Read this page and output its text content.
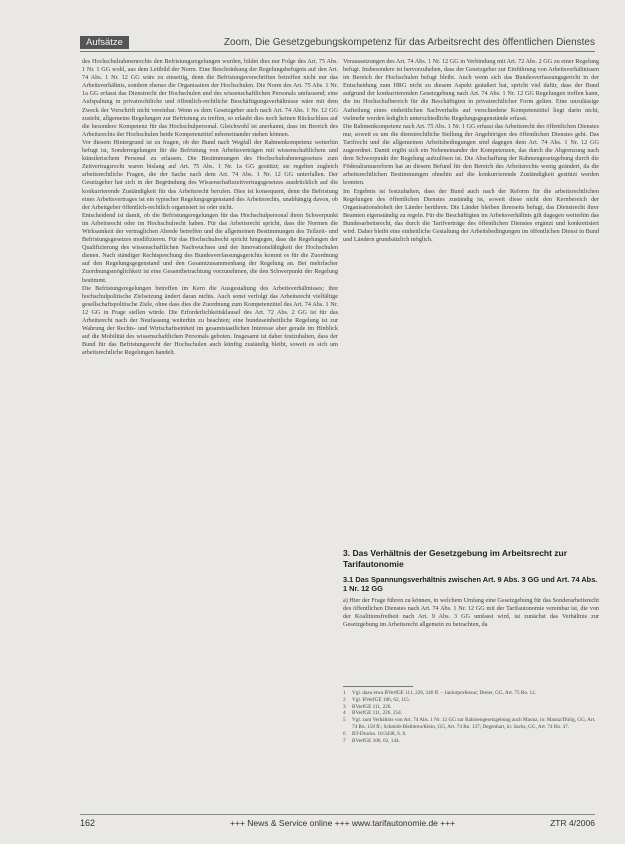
Aufsätze	Zoom, Die Gesetzgebungskompetenz für das Arbeitsrecht des öffentlichen Dienstes

des Hochschulrahmenrechts den Befristungsregelungen wurden, bildet dies nur Folge des Art. 75 Abs. 1 Nr. 1 GG wohl, aus dem Leitbild der Norm. Eine Beschränkung der Regelungsbefugnis auf den Art. 74 Abs. 1 Nr. 12 GG wäre zu einseitig, denn die Befristungsvorschriften betreffen nicht nur das Arbeitsverhältnis, sondern ebenso die Organisation der Hochschulen. Die Norm des Art. 75 Abs. 1 Nr. 1a GG erfasst das Dienstrecht der Hochschulen und des wissenschaftlichen Personals umfassend; eine Aufspaltung in privatrechtliche und öffentlich-rechtliche Beschäftigungsverhältnisse wäre mit dem Zweck der Vorschrift nicht vereinbar. Wenn es dem Gesetzgeber auch nach Art. 74 Abs. 1 Nr. 12 GG zusteht, allgemeine Regelungen zur Befristung zu treffen, so erlaubt dies noch keinen Rückschluss auf die besondere Kompetenz für das Hochschulpersonal. Gleichwohl ist anerkannt, dass im Bereich des Arbeitsrechts der Hochschulen beide Kompetenztitel nebeneinander stehen können.

Vor diesem Hintergrund ist zu fragen, ob der Bund nach Wegfall der Rahmenkompetenz weiterhin befugt ist, Sonderregelungen für die Befristung von Arbeitsverträgen mit wissenschaftlichem und künstlerischem Personal zu erlassen. Die Bestimmungen des Hochschulrahmengesetzes zum Zeitvertragsrecht waren bislang auf Art. 75 Abs. 1 Nr. 1a GG gestützt; sie regelten zugleich arbeitsrechtliche Fragen, die der Sache nach dem Art. 74 Abs. 1 Nr. 12 GG unterfallen. Der Gesetzgeber hat sich in der Begründung des Wissenschaftszeitvertragsgesetzes ausdrücklich auf die konkurrierende Zuständigkeit für das Arbeitsrecht berufen. Dies ist konsequent, denn die Befristung eines Arbeitsvertrages ist ein typischer Regelungsgegenstand des Arbeitsrechts, unabhängig davon, ob der Arbeitgeber öffentlich-rechtlich organisiert ist oder nicht.

Entscheidend ist damit, ob die Befristungsregelungen für das Hochschulpersonal ihren Schwerpunkt im Arbeitsrecht oder im Hochschulrecht haben. Für das Arbeitsrecht spricht, dass die Normen die Wirksamkeit der vertraglichen Abrede betreffen und die allgemeinen Bestimmungen des Teilzeit- und Befristungsgesetzes modifizieren. Für das Hochschulrecht spricht hingegen, dass die Regelungen der Qualifizierung des wissenschaftlichen Nachwuchses und der Innovationsfähigkeit der Hochschulen dienen. Nach ständiger Rechtsprechung des Bundesverfassungsgerichts kommt es für die Zuordnung auf den Regelungsgegenstand und den Gesamtzusammenhang der Regelung an. Bei mehrfacher Zuordnungsmöglichkeit ist eine Gesamtbetrachtung vorzunehmen, die den Schwerpunkt der Regelung bestimmt.

Die Befristungsregelungen betreffen im Kern die Ausgestaltung des Arbeitsverhältnisses; ihre hochschulpolitische Zielsetzung ändert daran nichts. Auch sonst verfolgt das Arbeitsrecht vielfältige gesellschaftspolitische Ziele, ohne dass dies die Zuordnung zum Kompetenztitel des Art. 74 Abs. 1 Nr. 12 GG in Frage stellen würde. Die Erforderlichkeitsklausel des Art. 72 Abs. 2 GG ist für das Arbeitsrecht nach der Neufassung weiterhin zu beachten; eine bundeseinheitliche Regelung ist zur Wahrung der Rechts- und Wirtschaftseinheit im gesamtstaatlichen Interesse aber gerade im Hinblick auf die Mobilität des wissenschaftlichen Personals geboten. Insgesamt ist daher festzuhalten, dass der Bund für das Befristungsrecht der Hochschulen auch künftig zuständig bleibt, soweit es sich um arbeitsrechtliche Regelungen handelt.

Voraussetzungen des Art. 74 Abs. 1 Nr. 12 GG in Verbindung mit Art. 72 Abs. 2 GG zu einer Regelung befugt. Insbesondere ist hervorzuheben, dass der Gesetzgeber zur Einführung von Arbeitsverhältnissen im Bereich der Hochschulen befugt bleibt. Auch wenn sich das Bundesverfassungsgericht in der Entscheidung zum HRG nicht zu diesem Aspekt geäußert hat, spricht viel dafür, dass der Bund aufgrund der konkurrierenden Gesetzgebung nach Art. 74 Abs. 1 Nr. 12 GG Regelungen treffen kann, die im Hochschulbereich für die Beschäftigten in privatrechtlicher Form gelten. Eine unzulässige Aufteilung eines einheitlichen Sachverhalts auf verschiedene Kompetenztitel liegt darin nicht, vielmehr werden lediglich unterschiedliche Regelungsgegenstände erfasst.

Die Rahmenkompetenz nach Art. 75 Abs. 1 Nr. 1 GG erfasst das Arbeitsrecht des öffentlichen Dienstes nur, soweit es um die dienstrechtliche Stellung der Angehörigen des öffentlichen Dienstes geht. Das Tarifrecht und die allgemeinen Arbeitsbedingungen sind dagegen dem Art. 74 Abs. 1 Nr. 12 GG zugeordnet. Damit ergibt sich ein Nebeneinander der Kompetenzen, das durch die Abgrenzung nach dem Schwerpunkt der Regelung aufzulösen ist. Die Abschaffung der Rahmengesetzgebung durch die Föderalismusreform hat an diesem Befund für den Bereich des Arbeitsrechts wenig geändert, da die arbeitsrechtlichen Bestimmungen ohnehin auf die konkurrierende Zuständigkeit gestützt werden konnten.

Im Ergebnis ist festzuhalten, dass der Bund auch nach der Reform für die arbeitsrechtlichen Regelungen des öffentlichen Dienstes zuständig ist, soweit diese nicht den Kernbereich der Organisationshoheit der Länder berühren. Die Länder bleiben ihrerseits befugt, das Dienstrecht ihrer Beamten eigenständig zu regeln. Für die Beschäftigten im Arbeitsverhältnis gilt dagegen weiterhin das Bundesarbeitsrecht, das durch die Tarifverträge des öffentlichen Dienstes ergänzt und konkretisiert wird. Daher bleibt eine einheitliche Gestaltung der Arbeitsbedingungen im öffentlichen Dienst in Bund und Ländern grundsätzlich möglich.

3. Das Verhältnis der Gesetzgebung im Arbeitsrecht zur Tarifautonomie
3.1 Das Spannungsverhältnis zwischen Art. 9 Abs. 3 GG und Art. 74 Abs. 1 Nr. 12 GG

a) Hier der Frage führen zu können, in welchem Umfang eine Gesetzgebung für das Sonderarbeitsrecht des öffentlichen Dienstes nach Art. 74 Abs. 1 Nr. 12 GG mit der Tarifautonomie vereinbar ist, die von der Koalitionsfreiheit nach Art. 9 Abs. 3 GG umfasst wird, ist zunächst das Verhältnis zur Gesetzgebung im Arbeitsrecht allgemein zu betrachten, da

1 Vgl. dazu etwa BVerfGE 111, 226, 246 ff. – Juniorprofessur; Dreier, GG, Art. 75 Rn. 12.
2 Vgl. BVerfGE 106, 62, 115.
3 BVerfGE 111, 226.
4 BVerfGE 111, 226, 254.
5 Vgl. zum Verhältnis von Art. 74 Abs. 1 Nr. 12 GG zur Rahmengesetzgebung auch Maunz, in: Maunz/Dürig, GG, Art. 74 Rn. 158 ff.; Schmidt-Bleibtreu/Klein, GG, Art. 74 Rn. 137; Degenhart, in: Sachs, GG, Art. 74 Rn. 47.
6 BT-Drucks. 16/3438, S. 8.
7 BVerfGE 106, 62, 144.
162	+++ News & Service online +++ www.tarifautonomie.de +++	ZTR 4/2006
